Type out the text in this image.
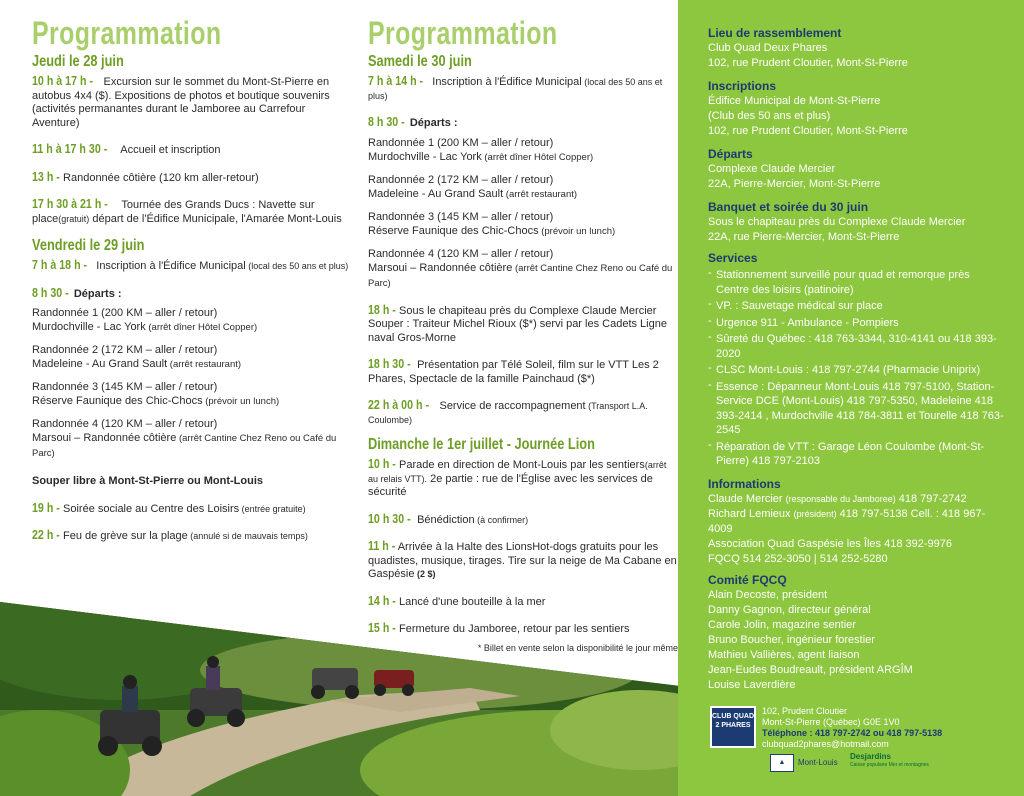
Programmation
Jeudi le 28 juin
10 h à 17 h - Excursion sur le sommet du Mont-St-Pierre en autobus 4x4 ($). Expositions de photos et boutique souvenirs (activités permanantes durant le Jamboree au Carrefour Aventure)
11 h à 17 h 30 - Accueil et inscription
13 h - Randonnée côtière (120 km aller-retour)
17 h 30 à 21 h - Tournée des Grands Ducs : Navette sur place(gratuit) départ de l'Édifice Municipale, l'Amarée Mont-Louis
Vendredi le 29 juin
7 h à 18 h - Inscription à l'Édifice Municipal (local des 50 ans et plus)
8 h 30 - Départs :
Randonnée 1 (200 KM – aller / retour)
Murdochville - Lac York (arrêt dîner Hôtel Copper)
Randonnée 2 (172 KM – aller / retour)
Madeleine - Au Grand Sault (arrêt restaurant)
Randonnée 3 (145 KM – aller / retour)
Réserve Faunique des Chic-Chocs (prévoir un lunch)
Randonnée 4 (120 KM – aller / retour)
Marsoui – Randonnée côtière (arrêt Cantine Chez Reno ou Café du Parc)
Souper libre à Mont-St-Pierre ou Mont-Louis
19 h - Soirée sociale au Centre des Loisirs (entrée gratuite)
22 h - Feu de grève sur la plage (annulé si de mauvais temps)
Programmation
Samedi le 30 juin
7 h à 14 h - Inscription à l'Édifice Municipal (local des 50 ans et plus)
8 h 30 - Départs :
Randonnée 1 (200 KM – aller / retour)
Murdochville - Lac York (arrêt dîner Hôtel Copper)
Randonnée 2 (172 KM – aller / retour)
Madeleine - Au Grand Sault (arrêt restaurant)
Randonnée 3 (145 KM – aller / retour)
Réserve Faunique des Chic-Chocs (prévoir un lunch)
Randonnée 4 (120 KM – aller / retour)
Marsoui – Randonnée côtière (arrêt Cantine Chez Reno ou Café du Parc)
18 h - Sous le chapiteau près du Complexe Claude Mercier Souper : Traiteur Michel Rioux ($*) servi par les Cadets Ligne naval Gros-Morne
18 h 30 - Présentation par Télé Soleil, film sur le VTT Les 2 Phares, Spectacle de la famille Painchaud ($*)
22 h à 00 h - Service de raccompagnement (Transport L.A. Coulombe)
Dimanche le 1er juillet - Journée Lion
10 h - Parade en direction de Mont-Louis par les sentiers(arrêt au relais VTT). 2e partie : rue de l'Église avec les services de sécurité
10 h 30 - Bénédiction (à confirmer)
11 h - Arrivée à la Halte des LionsHot-dogs gratuits pour les quadistes, musique, tirages. Tire sur la neige de Ma Cabane en Gaspésie (2 $)
14 h - Lancé d'une bouteille à la mer
15 h - Fermeture du Jamboree, retour par les sentiers
* Billet en vente selon la disponibilité le jour même
Lieu de rassemblement
Club Quad Deux Phares
102, rue Prudent Cloutier, Mont-St-Pierre
Inscriptions
Édifice Municipal de Mont-St-Pierre
(Club des 50 ans et plus)
102, rue Prudent Cloutier, Mont-St-Pierre
Départs
Complexe Claude Mercier
22A, Pierre-Mercier, Mont-St-Pierre
Banquet et soirée du 30 juin
Sous le chapiteau près du Complexe Claude Mercier
22A, rue Pierre-Mercier, Mont-St-Pierre
Services
- Stationnement surveillé pour quad et remorque près Centre des loisirs (patinoire)
- VP. : Sauvetage médical sur place
- Urgence 911 - Ambulance - Pompiers
- Sûreté du Québec : 418 763-3344, 310-4141 ou 418 393-2020
- CLSC Mont-Louis : 418 797-2744 (Pharmacie Uniprix)
- Essence : Dépanneur Mont-Louis 418 797-5100, Station-Service DCE (Mont-Louis) 418 797-5350, Madeleine 418 393-2414 , Murdochville 418 784-3811 et Tourelle 418 763-2545
- Réparation de VTT : Garage Léon Coulombe (Mont-St-Pierre) 418 797-2103
Informations
Claude Mercier (responsable du Jamboree) 418 797-2742
Richard Lemieux (président) 418 797-5138 Cell. : 418 967-4009
Association Quad Gaspésie les Îles 418 392-9976
FQCQ 514 252-3050 | 514 252-5280
Comité FQCQ
Alain Decoste, président
Danny Gagnon, directeur général
Carole Jolin, magazine sentier
Bruno Boucher, ingénieur forestier
Mathieu Vallières, agent liaison
Jean-Eudes Boudreault, président ARGÎM
Louise Laverdière
CLUB QUAD 2 PHARES
102, Prudent Cloutier
Mont-St-Pierre (Québec) G0E 1V0
Téléphone : 418 797-2742 ou 418 797-5138
clubquad2phares@hotmail.com
▲	Mont-Louis
Desjardins
Caisse populaire Mer et montagnes
